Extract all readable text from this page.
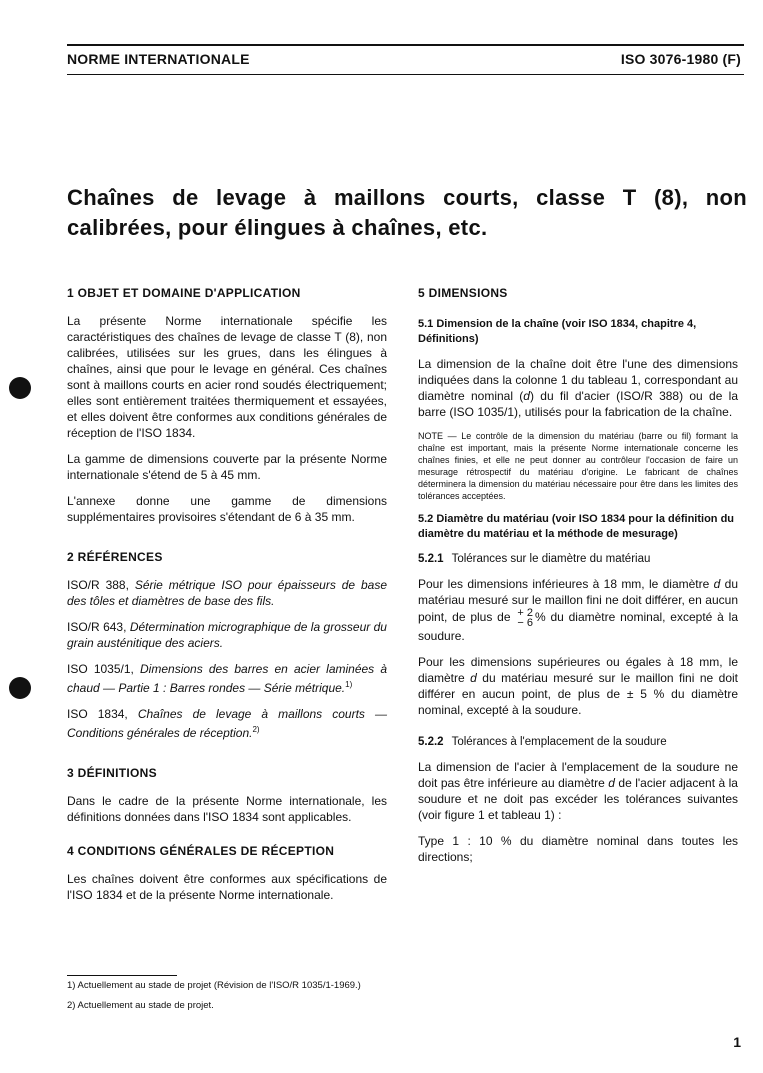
NORME INTERNATIONALE	ISO 3076-1980 (F)
Chaînes de levage à maillons courts, classe T (8), non
calibrées, pour élingues à chaînes, etc.
1 OBJET ET DOMAINE D'APPLICATION

La présente Norme internationale spécifie les caractéristiques des chaînes de levage de classe T (8), non calibrées, utilisées sur les grues, dans les élingues à chaînes, ainsi que pour le levage en général. Ces chaînes sont à maillons courts en acier rond soudés électriquement; elles sont entièrement traitées thermiquement et essayées, et elles doivent être conformes aux conditions générales de réception de l'ISO 1834.

La gamme de dimensions couverte par la présente Norme internationale s'étend de 5 à 45 mm.

L'annexe donne une gamme de dimensions supplémentaires provisoires s'étendant de 6 à 35 mm.

2 RÉFÉRENCES

ISO/R 388, Série métrique ISO pour épaisseurs de base des tôles et diamètres de base des fils.

ISO/R 643, Détermination micrographique de la grosseur du grain austénitique des aciers.

ISO 1035/1, Dimensions des barres en acier laminées à chaud — Partie 1 : Barres rondes — Série métrique.$^{1)}$

ISO 1834, Chaînes de levage à maillons courts — Conditions générales de réception.$^{2)}$

3 DÉFINITIONS

Dans le cadre de la présente Norme internationale, les définitions données dans l'ISO 1834 sont applicables.

4 CONDITIONS GÉNÉRALES DE RÉCEPTION

Les chaînes doivent être conformes aux spécifications de l'ISO 1834 et de la présente Norme internationale.

5 DIMENSIONS
5.1 Dimension de la chaîne (voir ISO 1834, chapitre 4, Définitions)

La dimension de la chaîne doit être l'une des dimensions indiquées dans la colonne 1 du tableau 1, correspondant au diamètre nominal (d) du fil d'acier (ISO/R 388) ou de la barre (ISO 1035/1), utilisés pour la fabrication de la chaîne.

NOTE — Le contrôle de la dimension du matériau (barre ou fil) formant la chaîne est important, mais la présente Norme internationale concerne les chaînes finies, et elle ne peut donner au contrôleur l'occasion de faire un mesurage rétrospectif du matériau d'origine. Le fabricant de chaînes déterminera la dimension du matériau nécessaire pour être dans les limites des tolérances acceptées.

5.2 Diamètre du matériau (voir ISO 1834 pour la définition du diamètre du matériau et la méthode de mesurage)
5.2.1 Tolérances sur le diamètre du matériau

Pour les dimensions inférieures à 18 mm, le diamètre d du matériau mesuré sur le maillon fini ne doit différer, en aucun point, de plus de + 2
− 6 % du diamètre nominal, excepté à la soudure.

Pour les dimensions supérieures ou égales à 18 mm, le diamètre d du matériau mesuré sur le maillon fini ne doit différer en aucun point, de plus de ± 5 % du diamètre nominal, excepté à la soudure.

5.2.2 Tolérances à l'emplacement de la soudure

La dimension de l'acier à l'emplacement de la soudure ne doit pas être inférieure au diamètre d de l'acier adjacent à la soudure et ne doit pas excéder les tolérances suivantes (voir figure 1 et tableau 1) :

Type 1 : 10 % du diamètre nominal dans toutes les directions;

1) Actuellement au stade de projet (Révision de l'ISO/R 1035/1-1969.)
2) Actuellement au stade de projet.
1
